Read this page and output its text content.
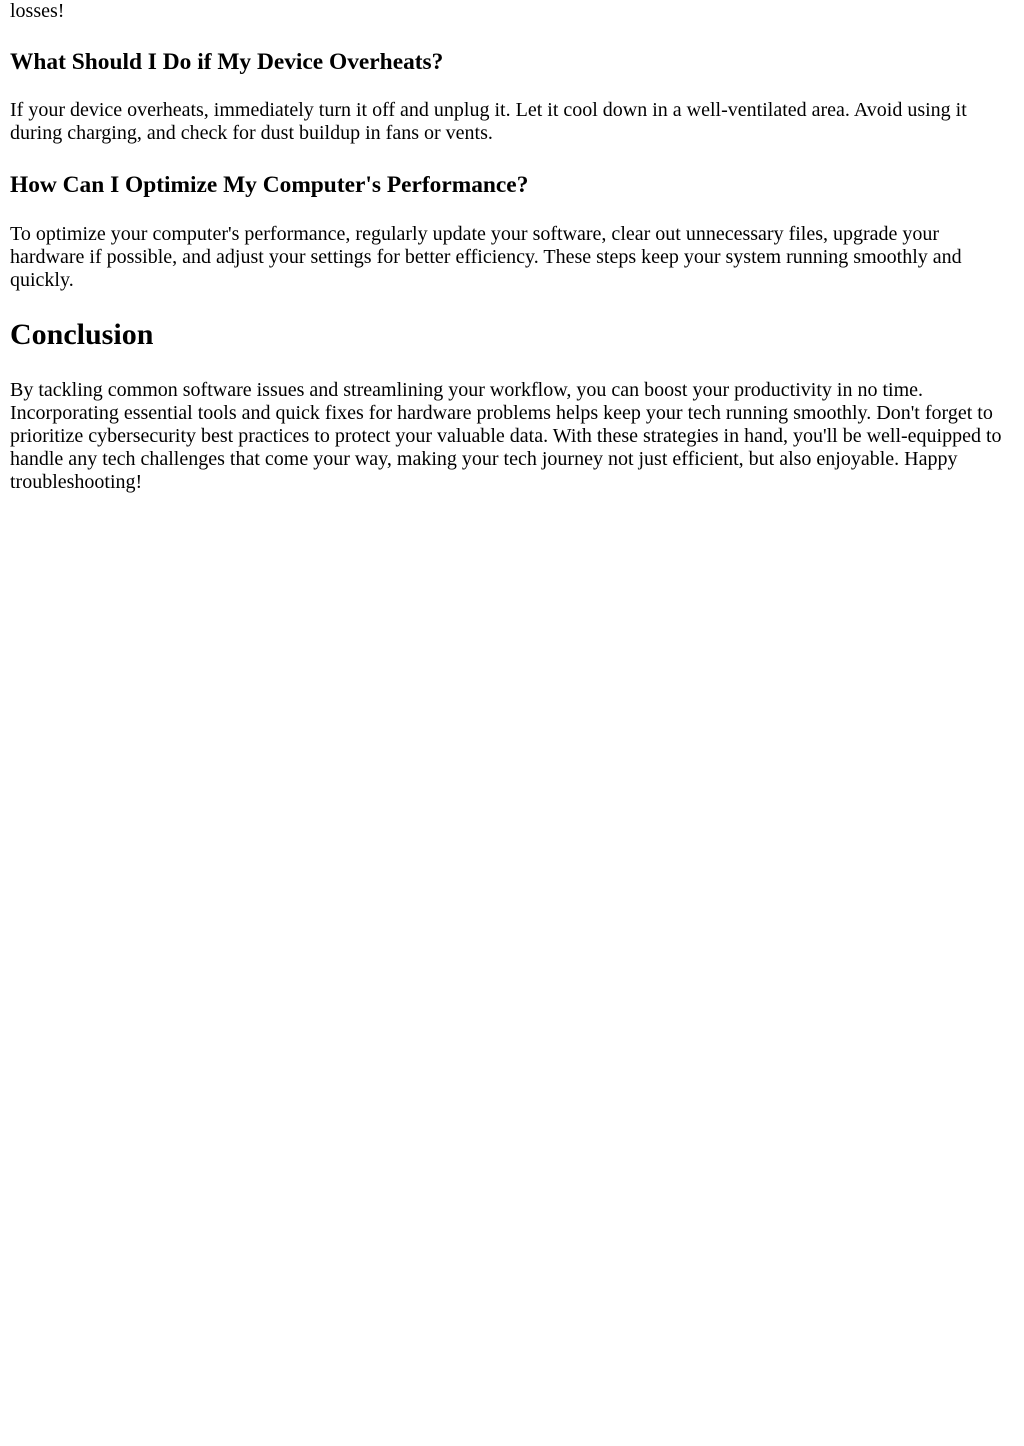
losses!

What Should I Do if My Device Overheats?

If your device overheats, immediately turn it off and unplug it. Let it cool down in a well-ventilated area. Avoid using it during charging, and check for dust buildup in fans or vents.

How Can I Optimize My Computer's Performance?

To optimize your computer's performance, regularly update your software, clear out unnecessary files, upgrade your hardware if possible, and adjust your settings for better efficiency. These steps keep your system running smoothly and quickly.

Conclusion

By tackling common software issues and streamlining your workflow, you can boost your productivity in no time. Incorporating essential tools and quick fixes for hardware problems helps keep your tech running smoothly. Don't forget to prioritize cybersecurity best practices to protect your valuable data. With these strategies in hand, you'll be well-equipped to handle any tech challenges that come your way, making your tech journey not just efficient, but also enjoyable. Happy troubleshooting!
